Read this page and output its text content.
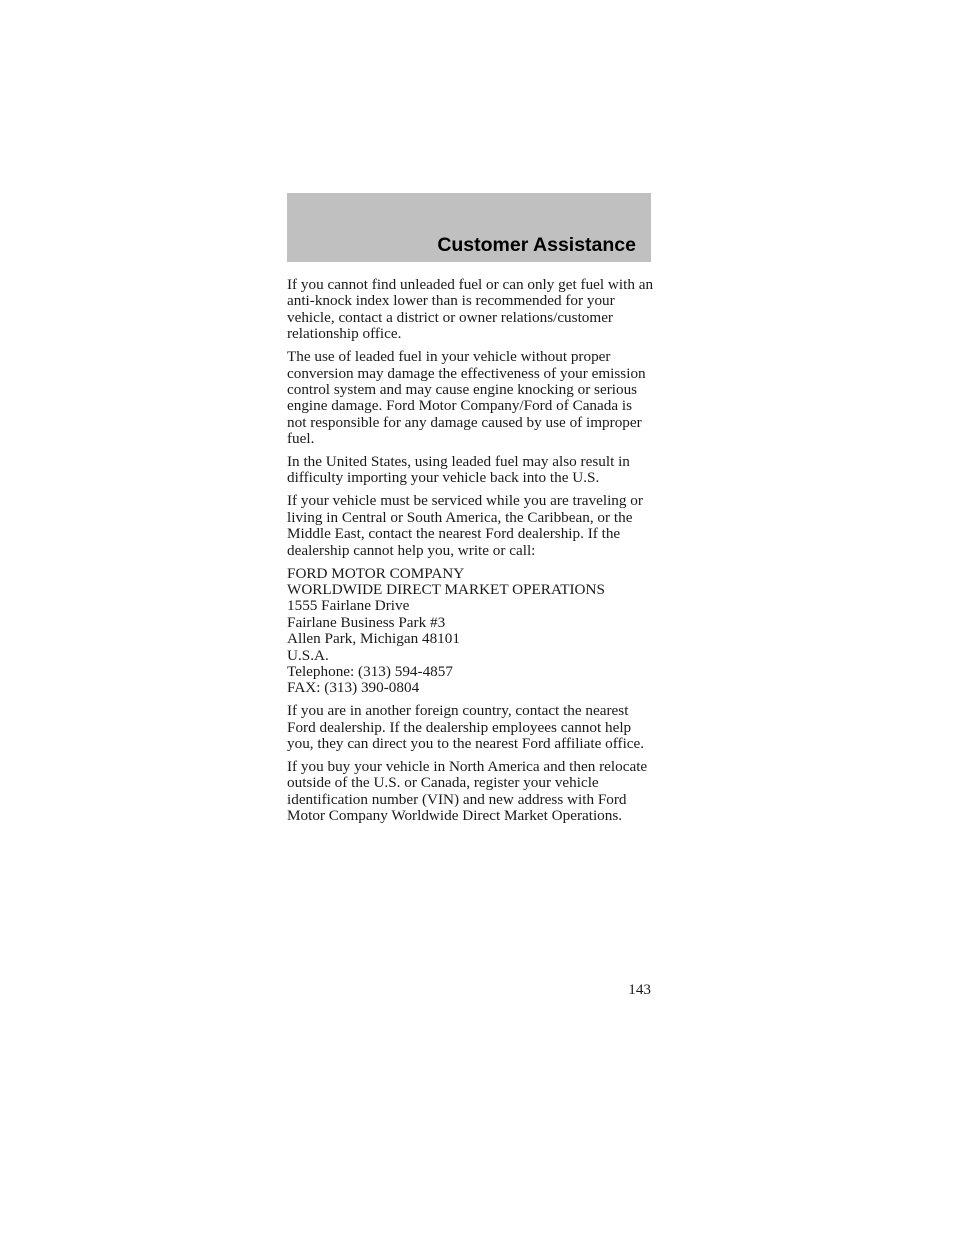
Customer Assistance

If you cannot find unleaded fuel or can only get fuel with an anti-knock index lower than is recommended for your vehicle, contact a district or owner relations/customer relationship office.

The use of leaded fuel in your vehicle without proper conversion may damage the effectiveness of your emission control system and may cause engine knocking or serious engine damage. Ford Motor Company/Ford of Canada is not responsible for any damage caused by use of improper fuel.

In the United States, using leaded fuel may also result in difficulty importing your vehicle back into the U.S.

If your vehicle must be serviced while you are traveling or living in Central or South America, the Caribbean, or the Middle East, contact the nearest Ford dealership. If the dealership cannot help you, write or call:

FORD MOTOR COMPANY
WORLDWIDE DIRECT MARKET OPERATIONS
1555 Fairlane Drive
Fairlane Business Park #3
Allen Park, Michigan 48101
U.S.A.
Telephone: (313) 594-4857
FAX: (313) 390-0804

If you are in another foreign country, contact the nearest Ford dealership. If the dealership employees cannot help you, they can direct you to the nearest Ford affiliate office.

If you buy your vehicle in North America and then relocate outside of the U.S. or Canada, register your vehicle identification number (VIN) and new address with Ford Motor Company Worldwide Direct Market Operations.

143
